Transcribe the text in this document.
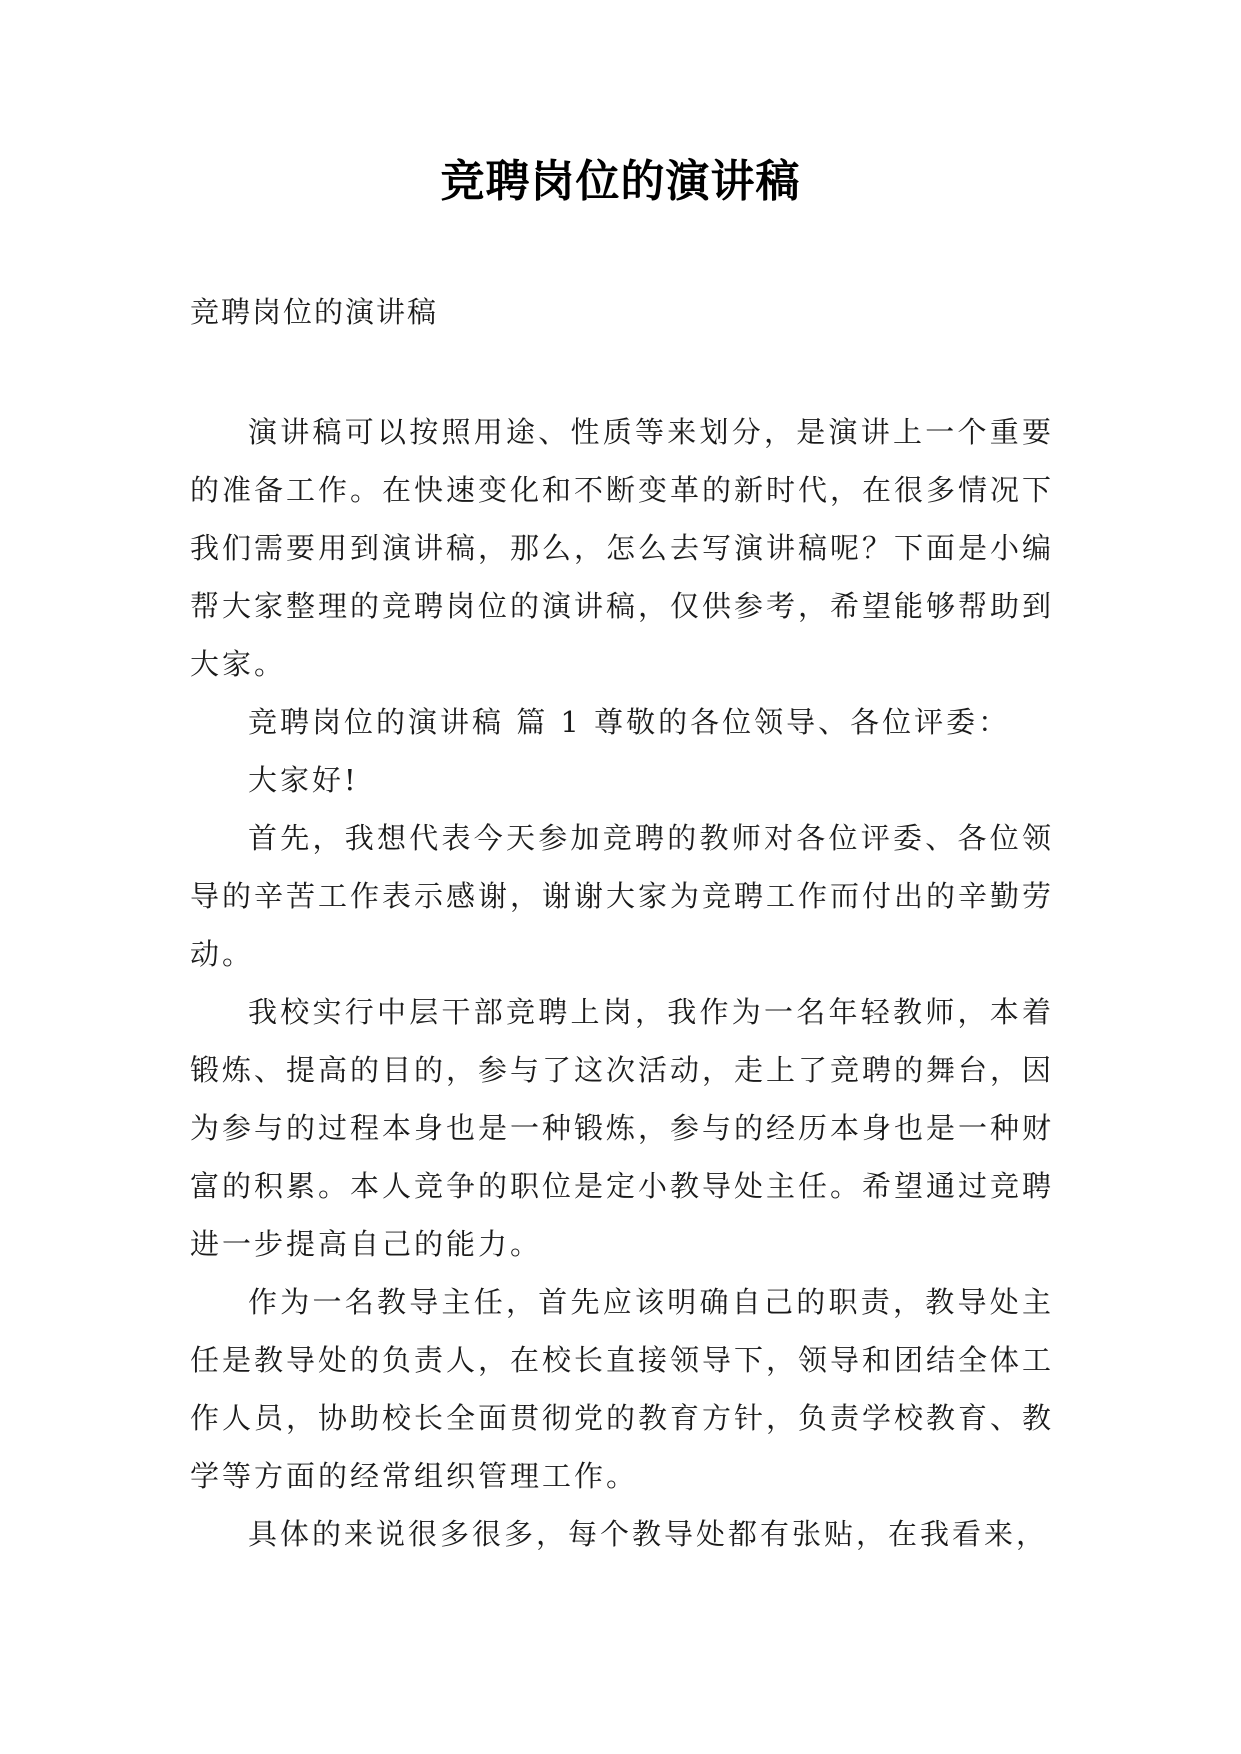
竞聘岗位的演讲稿
竞聘岗位的演讲稿

演讲稿可以按照用途、性质等来划分，是演讲上一个重要的准备工作。在快速变化和不断变革的新时代，在很多情况下我们需要用到演讲稿，那么，怎么去写演讲稿呢？下面是小编帮大家整理的竞聘岗位的演讲稿，仅供参考，希望能够帮助到大家。

竞聘岗位的演讲稿 篇 1 尊敬的各位领导、各位评委：

大家好!

首先，我想代表今天参加竞聘的教师对各位评委、各位领导的辛苦工作表示感谢，谢谢大家为竞聘工作而付出的辛勤劳动。

我校实行中层干部竞聘上岗，我作为一名年轻教师，本着锻炼、提高的目的，参与了这次活动，走上了竞聘的舞台，因为参与的过程本身也是一种锻炼，参与的经历本身也是一种财富的积累。本人竞争的职位是定小教导处主任。希望通过竞聘进一步提高自己的能力。

作为一名教导主任，首先应该明确自己的职责，教导处主任是教导处的负责人，在校长直接领导下，领导和团结全体工作人员，协助校长全面贯彻党的教育方针，负责学校教育、教学等方面的经常组织管理工作。

具体的来说很多很多，每个教导处都有张贴，在我看来，
